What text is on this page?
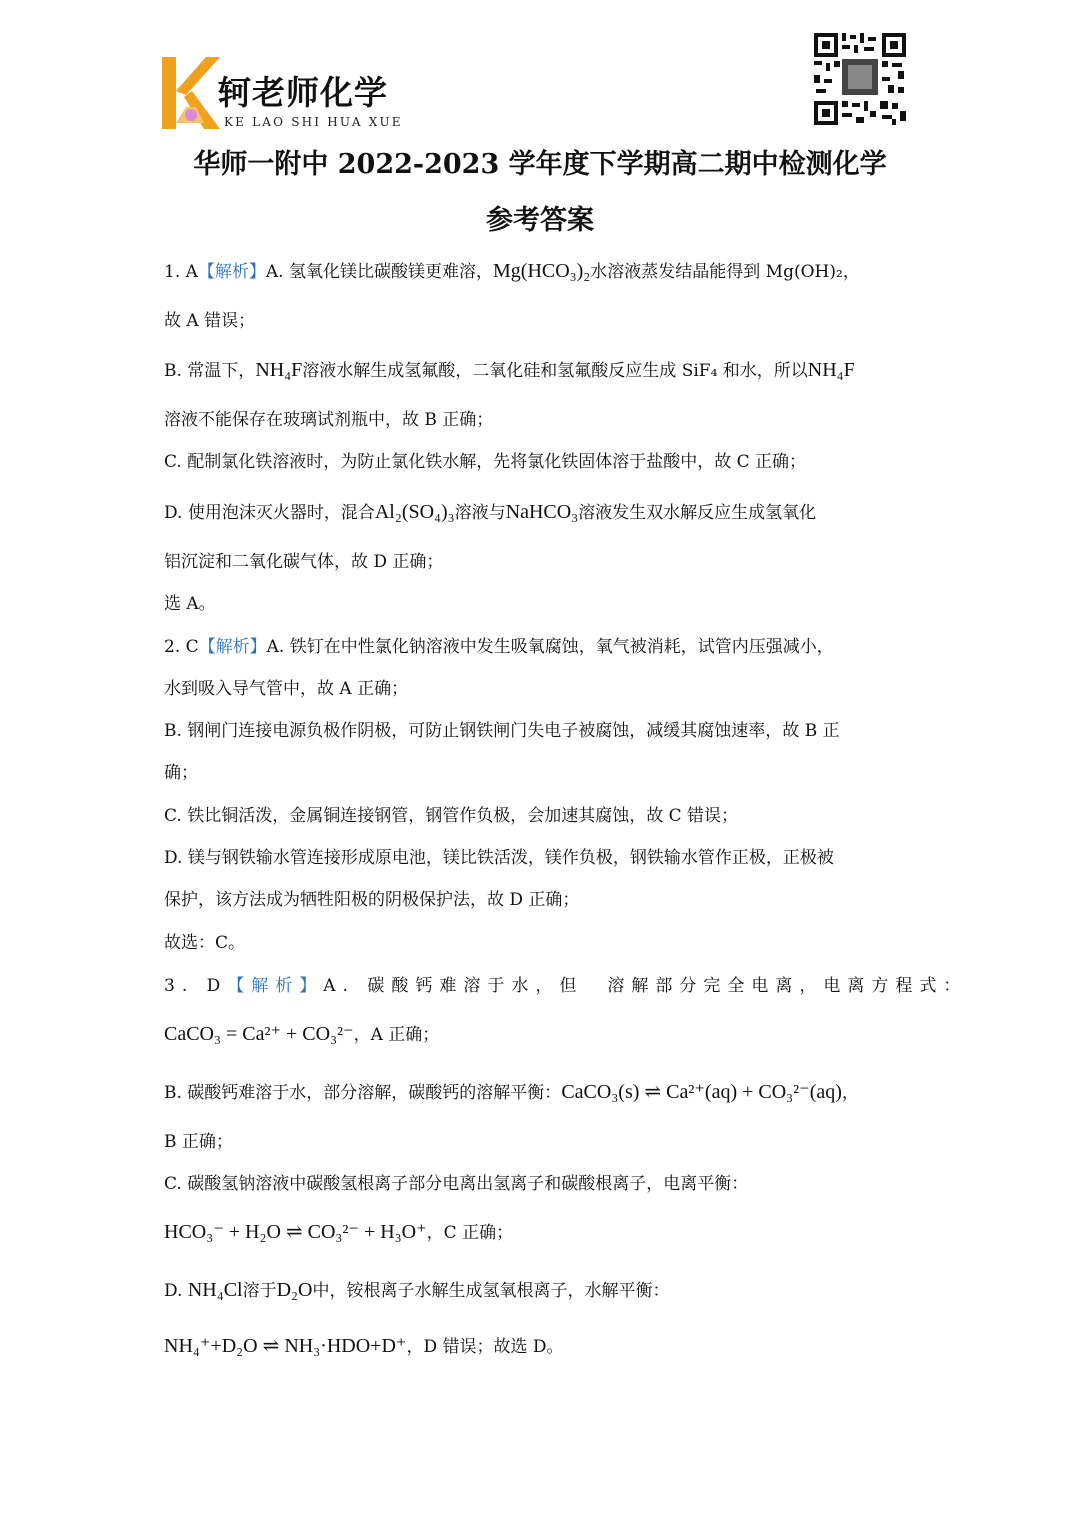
轲老师化学
KE LAO SHI HUA XUE
华师一附中 2022-2023 学年度下学期高二期中检测化学
参考答案
1. A【解析】A. 氢氧化镁比碳酸镁更难溶，Mg(HCO₃)₂水溶液蒸发结晶能得到 Mg(OH)₂，
故 A 错误；
B. 常温下，NH₄F溶液水解生成氢氟酸，二氧化硅和氢氟酸反应生成 SiF₄ 和水，所以NH₄F
溶液不能保存在玻璃试剂瓶中，故 B 正确；
C. 配制氯化铁溶液时，为防止氯化铁水解，先将氯化铁固体溶于盐酸中，故 C 正确；
D. 使用泡沫灭火器时，混合Al₂(SO₄)₃溶液与NaHCO₃溶液发生双水解反应生成氢氧化
铝沉淀和二氧化碳气体，故 D 正确；
选 A。
2. C【解析】A. 铁钉在中性氯化钠溶液中发生吸氧腐蚀，氧气被消耗，试管内压强减小，
水到吸入导气管中，故 A 正确；
B. 钢闸门连接电源负极作阴极，可防止钢铁闸门失电子被腐蚀，减缓其腐蚀速率，故 B 正
确；
C. 铁比铜活泼，金属铜连接钢管，钢管作负极，会加速其腐蚀，故 C 错误；
D. 镁与钢铁输水管连接形成原电池，镁比铁活泼，镁作负极，钢铁输水管作正极，正极被
保护，该方法成为牺牲阳极的阴极保护法，故 D 正确；
故选：C。
3. D【解析】A. 碳酸钙难溶于水，但　溶解部分完全电离，电离方程式：
CaCO₃ = Ca²⁺ + CO₃²⁻，A 正确；
B. 碳酸钙难溶于水，部分溶解，碳酸钙的溶解平衡：CaCO₃(s) ⇌ Ca²⁺(aq) + CO₃²⁻(aq)，
B 正确；
C. 碳酸氢钠溶液中碳酸氢根离子部分电离出氢离子和碳酸根离子，电离平衡：
HCO₃⁻ + H₂O ⇌ CO₃²⁻ + H₃O⁺，C 正确；
D. NH₄Cl溶于D₂O中，铵根离子水解生成氢氧根离子，水解平衡：
NH₄⁺+D₂O ⇌ NH₃·HDO+D⁺，D 错误；故选 D。
